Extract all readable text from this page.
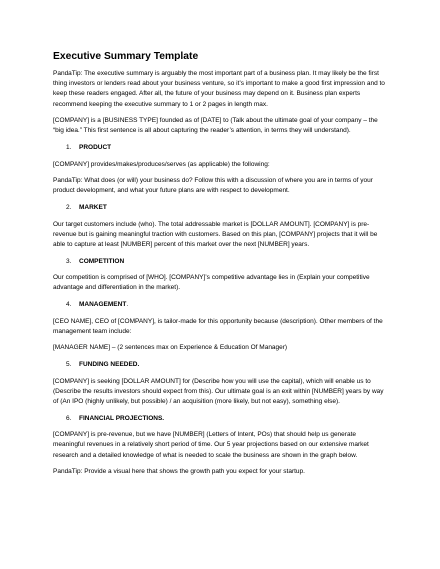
Executive Summary Template

PandaTip: The executive summary is arguably the most important part of a business plan. It may likely be the first thing investors or lenders read about your business venture, so it’s important to make a good first impression and to keep these readers engaged. After all, the future of your business may depend on it. Business plan experts recommend keeping the executive summary to 1 or 2 pages in length max.

[COMPANY] is a [BUSINESS TYPE] founded as of [DATE] to (Talk about the ultimate goal of your company – the “big idea.” This first sentence is all about capturing the reader’s attention, in terms they will understand).

1.	PRODUCT

[COMPANY] provides/makes/produces/serves (as applicable) the following:

PandaTip: What does (or will) your business do? Follow this with a discussion of where you are in terms of your product development, and what your future plans are with respect to development.

2.	MARKET

Our target customers include (who). The total addressable market is [DOLLAR AMOUNT]. [COMPANY] is pre-revenue but is gaining meaningful traction with customers. Based on this plan, [COMPANY] projects that it will be able to capture at least [NUMBER] percent of this market over the next [NUMBER] years.

3.	COMPETITION

Our competition is comprised of [WHO]. [COMPANY]’s competitive advantage lies in (Explain your competitive advantage and differentiation in the market).

4.	MANAGEMENT .

[CEO NAME], CEO of [COMPANY], is tailor-made for this opportunity because (description). Other members of the management team include:

[MANAGER NAME] – (2 sentences max on Experience & Education Of Manager)

5.	FUNDING NEEDED.

[COMPANY] is seeking [DOLLAR AMOUNT] for (Describe how you will use the capital), which will enable us to (Describe the results investors should expect from this). Our ultimate goal is an exit within [NUMBER] years by way of (An IPO (highly unlikely, but possible) / an acquisition (more likely, but not easy), something else).

6.	FINANCIAL PROJECTIONS.

[COMPANY] is pre-revenue, but we have [NUMBER] (Letters of Intent, POs) that should help us generate meaningful revenues in a relatively short period of time. Our 5 year projections based on our extensive market research and a detailed knowledge of what is needed to scale the business are shown in the graph below.

PandaTip: Provide a visual here that shows the growth path you expect for your startup.
